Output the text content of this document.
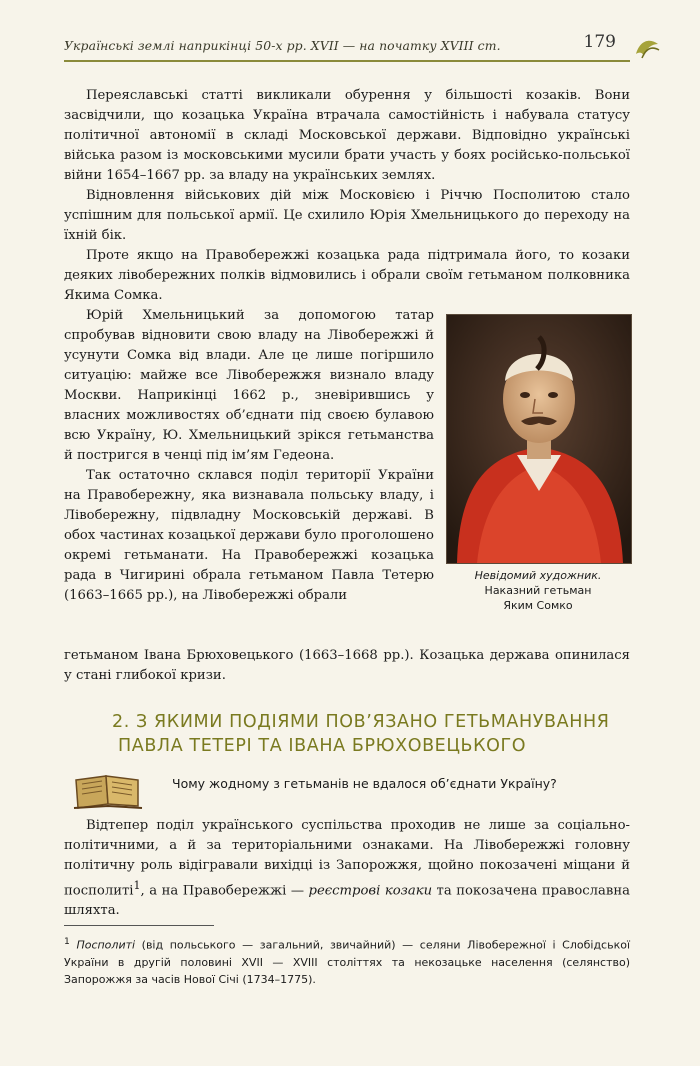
Українські землі наприкінці 50-х рр. XVII — на початку XVIII ст.	179

Переяславські статті викликали обурення у більшості козаків. Вони засвідчили, що козацька Україна втрачала самостійність і набувала статусу політичної автономії в складі Московської держави. Відповідно українські війська разом із московськими мусили брати участь у боях російсько-польської війни 1654–1667 рр. за владу на українських землях.

Відновлення військових дій між Московією і Річчю Посполитою стало успішним для польської армії. Це схилило Юрія Хмельницького до переходу на їхній бік.

Проте якщо на Правобережжі козацька рада підтримала його, то козаки деяких лівобережних полків відмовились і обрали своїм гетьманом полковника Якима Сомка.

Юрій Хмельницький за допомогою татар спробував відновити свою владу на Лівобережжі й усунути Сомка від влади. Але це лише погіршило ситуацію: майже все Лівобережжя визнало владу Москви. Наприкінці 1662 р., зневірившись у власних можливостях об’єднати під своєю булавою всю Україну, Ю. Хмельницький зрікся гетьманства й постригся в ченці під ім’ям Гедеона.

Так остаточно склався поділ території України на Правобережну, яка визнавала польську владу, і Лівобережну, підвладну Московській державі. В обох частинах козацької держави було проголошено окремі гетьманати. На Правобережжі козацька рада в Чигирині обрала гетьманом Павла Тетерю (1663–1665 рр.), на Лівобережжі обрали

гетьманом Івана Брюховецького (1663–1668 рр.). Козацька держава опинилася у стані глибокої кризи.

Невідомий художник.
Наказний гетьман
Яким Сомко
2. З ЯКИМИ ПОДІЯМИ ПОВ’ЯЗАНО ГЕТЬМАНУВАННЯ
ПАВЛА ТЕТЕРІ ТА ІВАНА БРЮХОВЕЦЬКОГО
Чому жодному з гетьманів не вдалося об’єднати Україну?

Відтепер поділ українського суспільства проходив не лише за соціально-політичними, а й за територіальними ознаками. На Лівобережжі головну політичну роль відігравали вихідці із Запорожжя, щойно покозачені міщани й посполиті$^1$, а на Правобережжі — реєстрові козаки та покозачена православна шляхта.

$^1$ Посполиті (від польського — загальний, звичайний) — селяни Лівобережної і Слобідської України в другій половині XVII — XVIII століттях та некозацьке населення (селянство) Запорожжя за часів Нової Січі (1734–1775).
